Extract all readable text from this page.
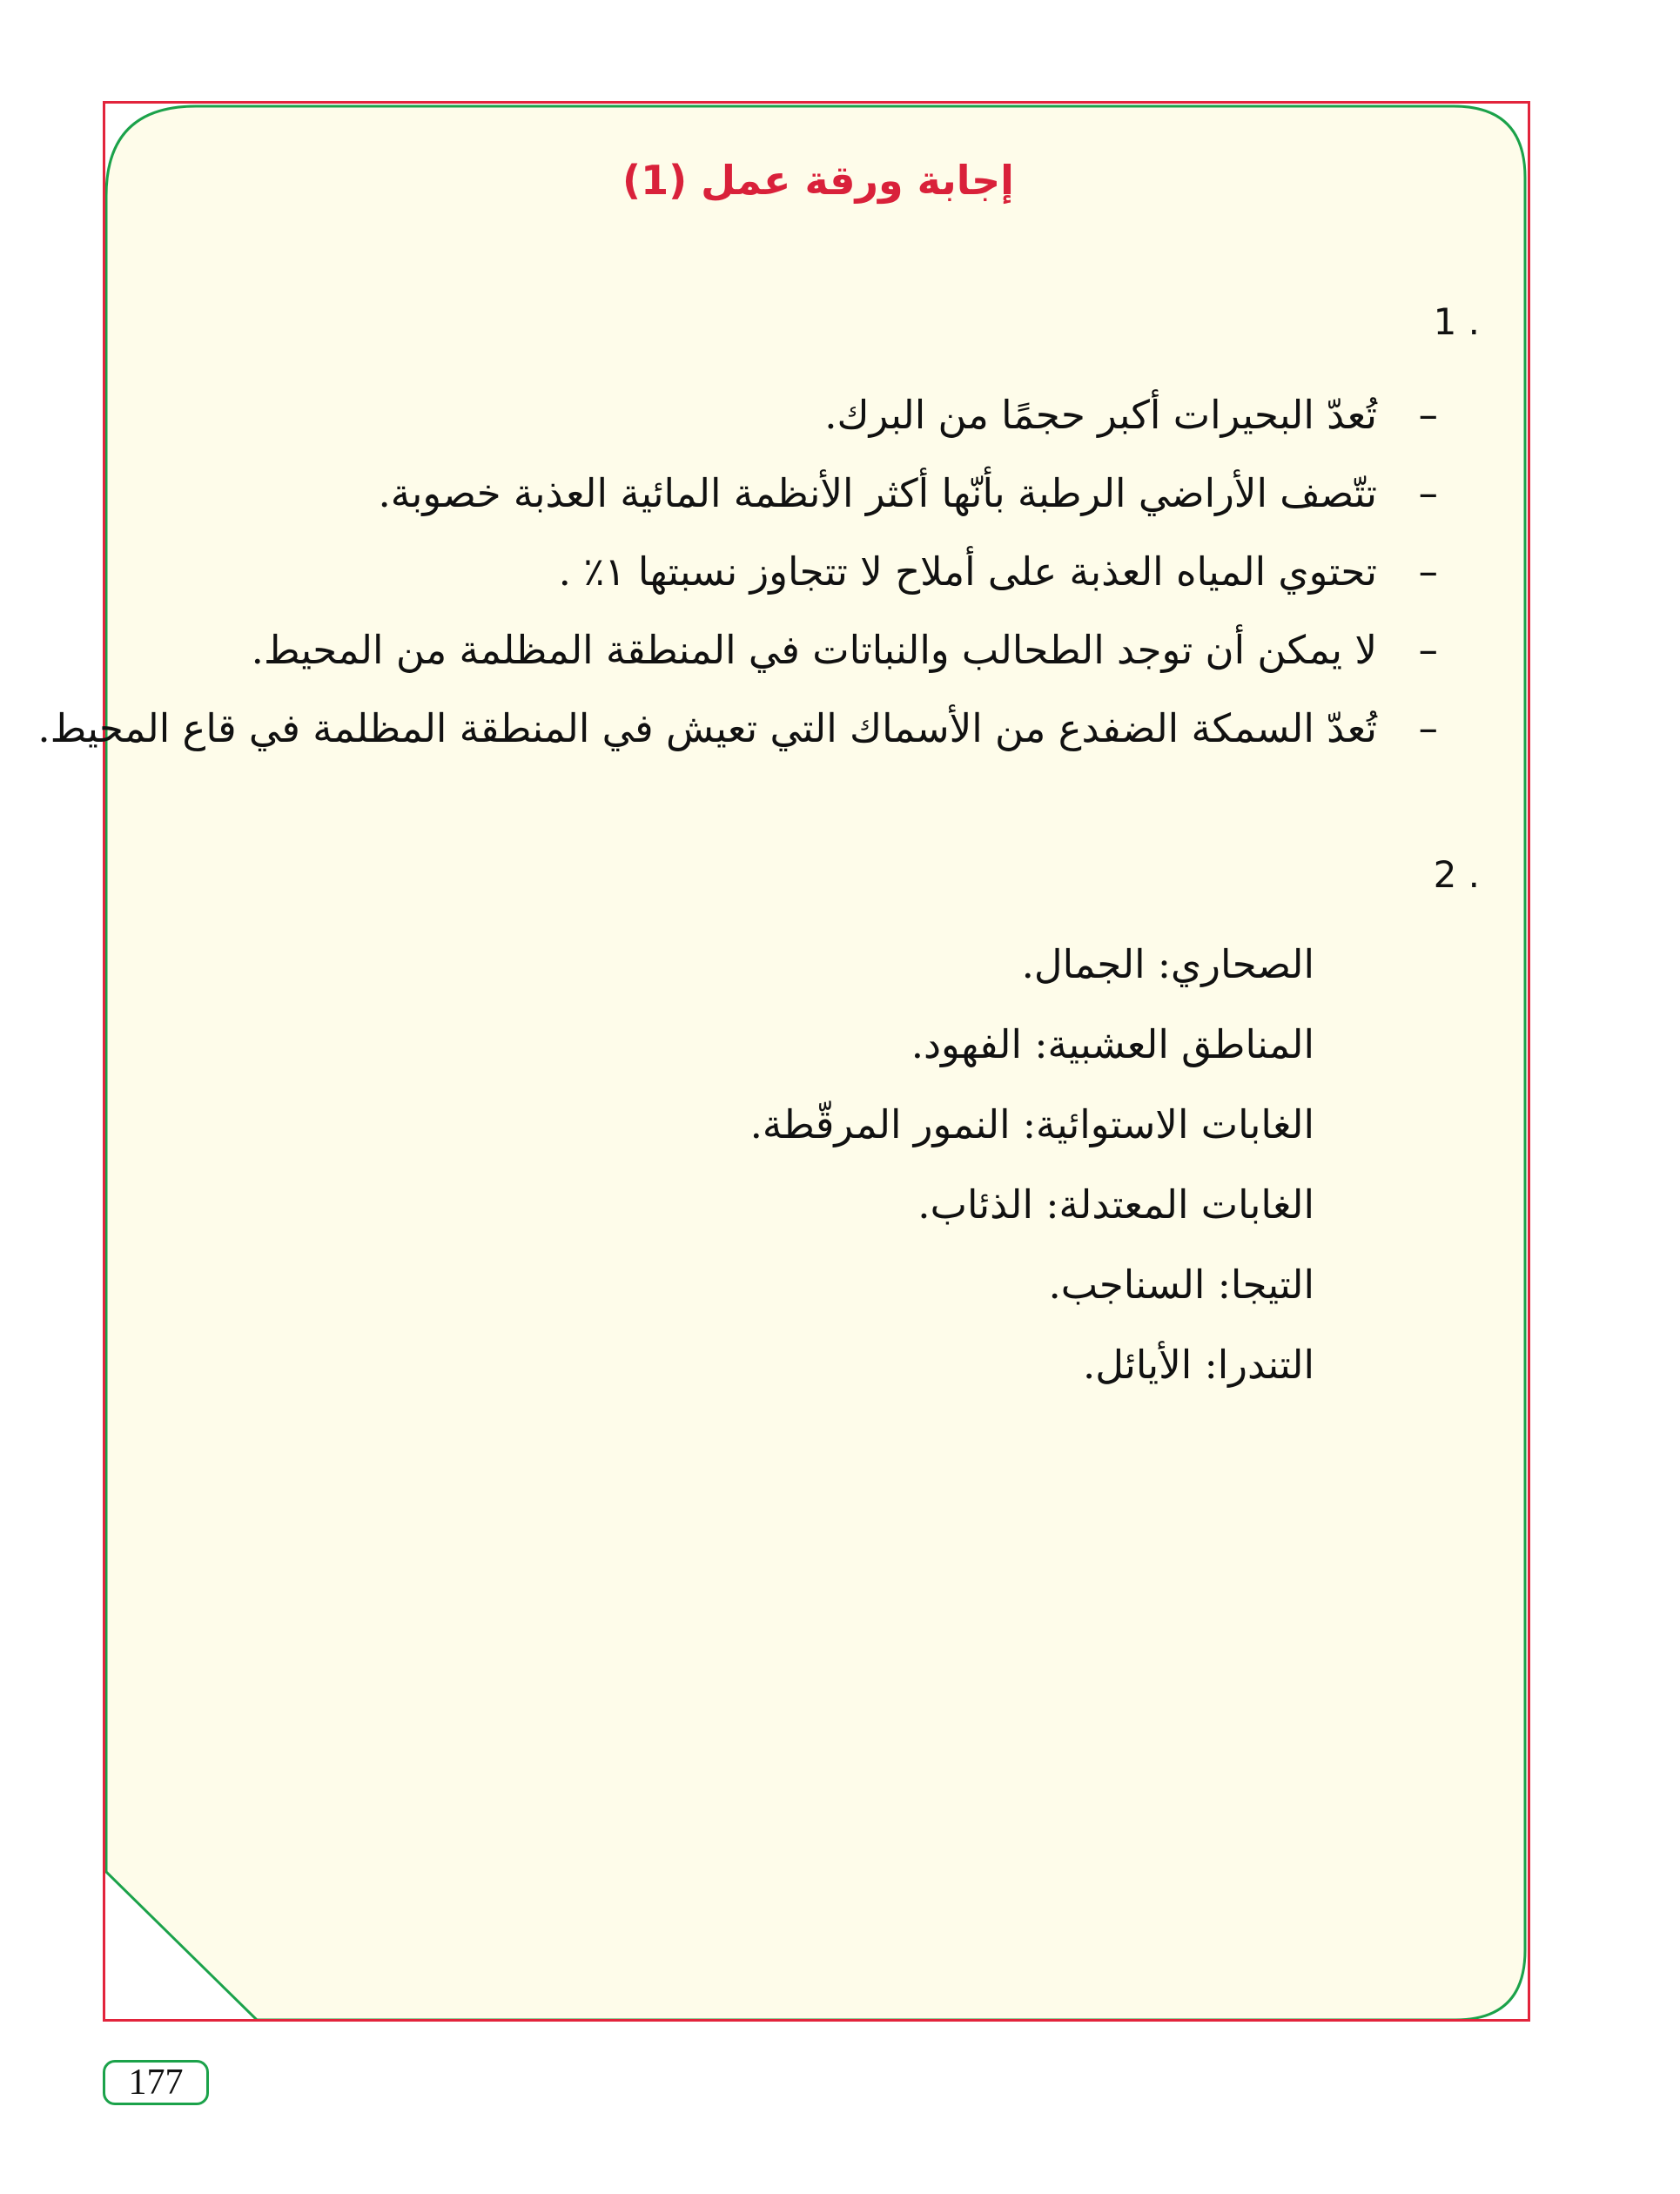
إجابة ورقة عمل (1)
1 .
–
تُعدّ البحيرات أكبر حجمًا من البرك.
–
تتّصف الأراضي الرطبة بأنّها أكثر الأنظمة المائية العذبة خصوبة.
–
تحتوي المياه العذبة على أملاح لا تتجاوز نسبتها ١٪ .
–
لا يمكن أن توجد الطحالب والنباتات في المنطقة المظلمة من المحيط.
–
تُعدّ السمكة الضفدع من الأسماك التي تعيش في المنطقة المظلمة في قاع المحيط.
2 .
الصحاري: الجمال.
المناطق العشبية: الفهود.
الغابات الاستوائية: النمور المرقّطة.
الغابات المعتدلة: الذئاب.
التيجا: السناجب.
التندرا: الأيائل.
177
